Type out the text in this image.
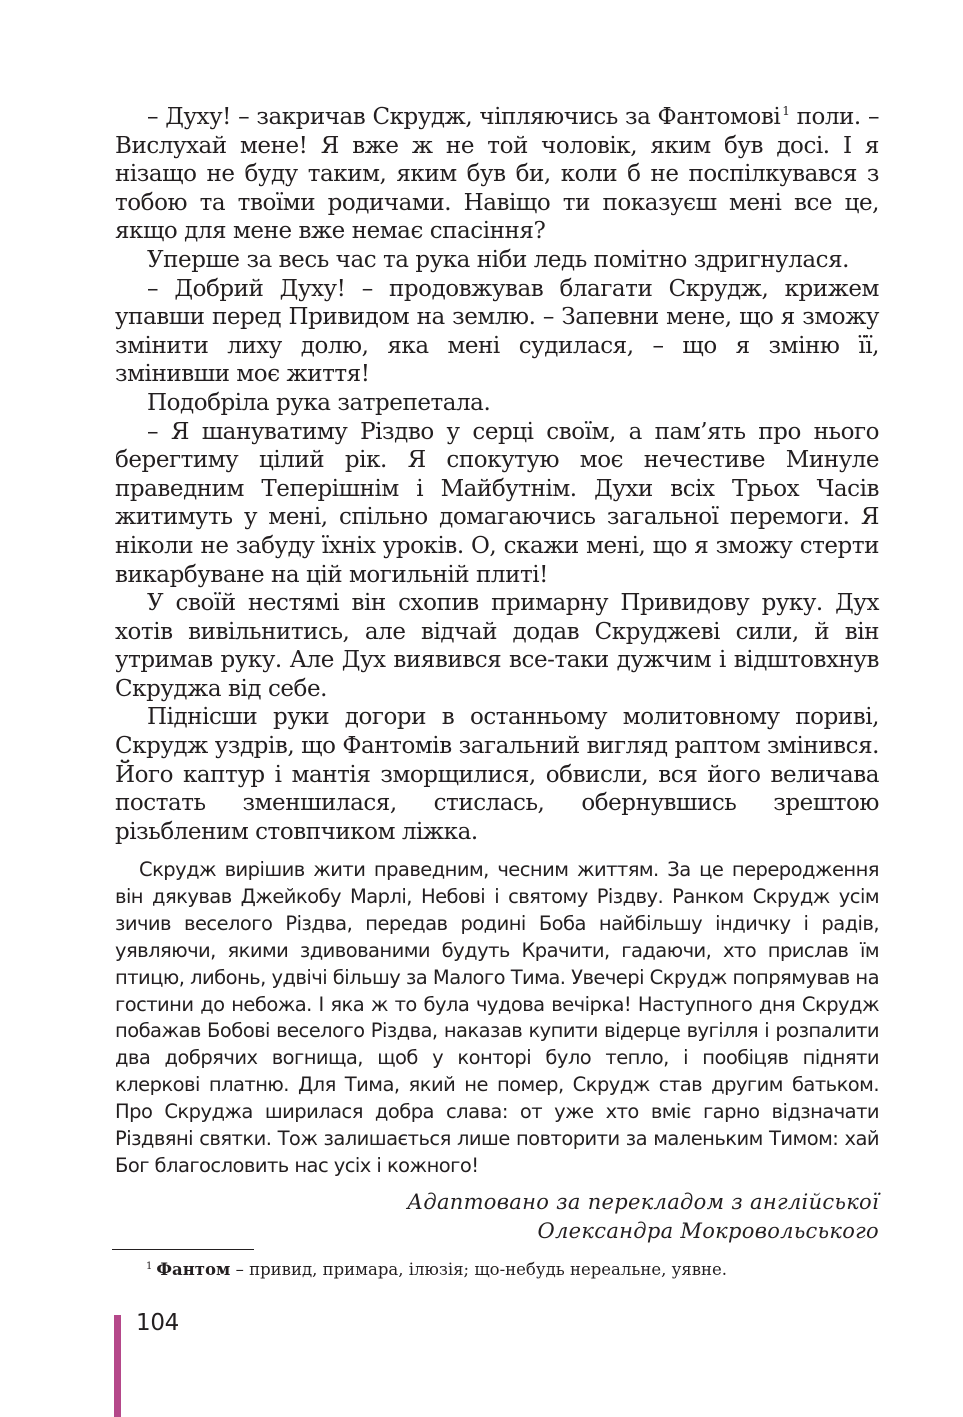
– Духу! – закричав Скрудж, чіпляючись за Фантомові $^1$ поли. – Вислухай мене! Я вже ж не той чоловік, яким був досі. І я нізащо не буду таким, яким був би, коли б не поспілкувався з тобою та твоїми родичами. Навіщо ти показуєш мені все це, якщо для мене вже немає спасіння?

Уперше за весь час та рука ніби ледь помітно здригнулася.

– Добрий Духу! – продовжував благати Скрудж, крижем упавши перед Привидом на землю. – Запевни мене, що я зможу змінити лиху долю, яка мені судилася, – що я зміню її, змінивши моє життя!

Подобріла рука затрепетала.

– Я шануватиму Різдво у серці своїм, а пам’ять про нього берегтиму цілий рік. Я спокутую моє нечестиве Минуле праведним Теперішнім і Майбутнім. Духи всіх Трьох Часів житимуть у мені, спільно домагаючись загальної перемоги. Я ніколи не забуду їхніх уроків. О, скажи мені, що я зможу стерти викарбуване на цій могильній плиті!

У своїй нестямі він схопив примарну Привидову руку. Дух хотів вивільнитись, але відчай додав Скруджеві сили, й він утримав руку. Але Дух виявився все-таки дужчим і відштовхнув Скруджа від себе.

Піднісши руки догори в останньому молитовному пориві, Скрудж уздрів, що Фантомів загальний вигляд раптом змінився. Його каптур і мантія зморщилися, обвисли, вся його величава постать зменшилася, стислась, обернувшись зрештою різьбленим стовпчиком ліжка.

Скрудж вирішив жити праведним, чесним життям. За це переродження він дякував Джейкобу Марлі, Небові і святому Різдву. Ранком Скрудж усім зичив веселого Різдва, передав родині Боба найбільшу індичку і радів, уявляючи, якими здивованими будуть Крачити, гадаючи, хто прислав їм птицю, либонь, удвічі більшу за Малого Тима. Увечері Скрудж попрямував на гостини до небожа. І яка ж то була чудова вечірка! Наступного дня Скрудж побажав Бобові веселого Різдва, наказав купити відерце вугілля і розпалити два добрячих вогнища, щоб у конторі було тепло, і пообіцяв підняти клеркові платню. Для Тима, який не помер, Скрудж став другим батьком. Про Скруджа ширилася добра слава: от уже хто вміє гарно відзначати Різдвяні святки. Тож залишається лише повторити за маленьким Тимом: хай Бог благословить нас усіх і кожного!

Адаптовано за перекладом з англійської
Олександра Мокровольського
$^1$ Фантом – привид, примара, ілюзія; що-небудь нереальне, уявне.
104
